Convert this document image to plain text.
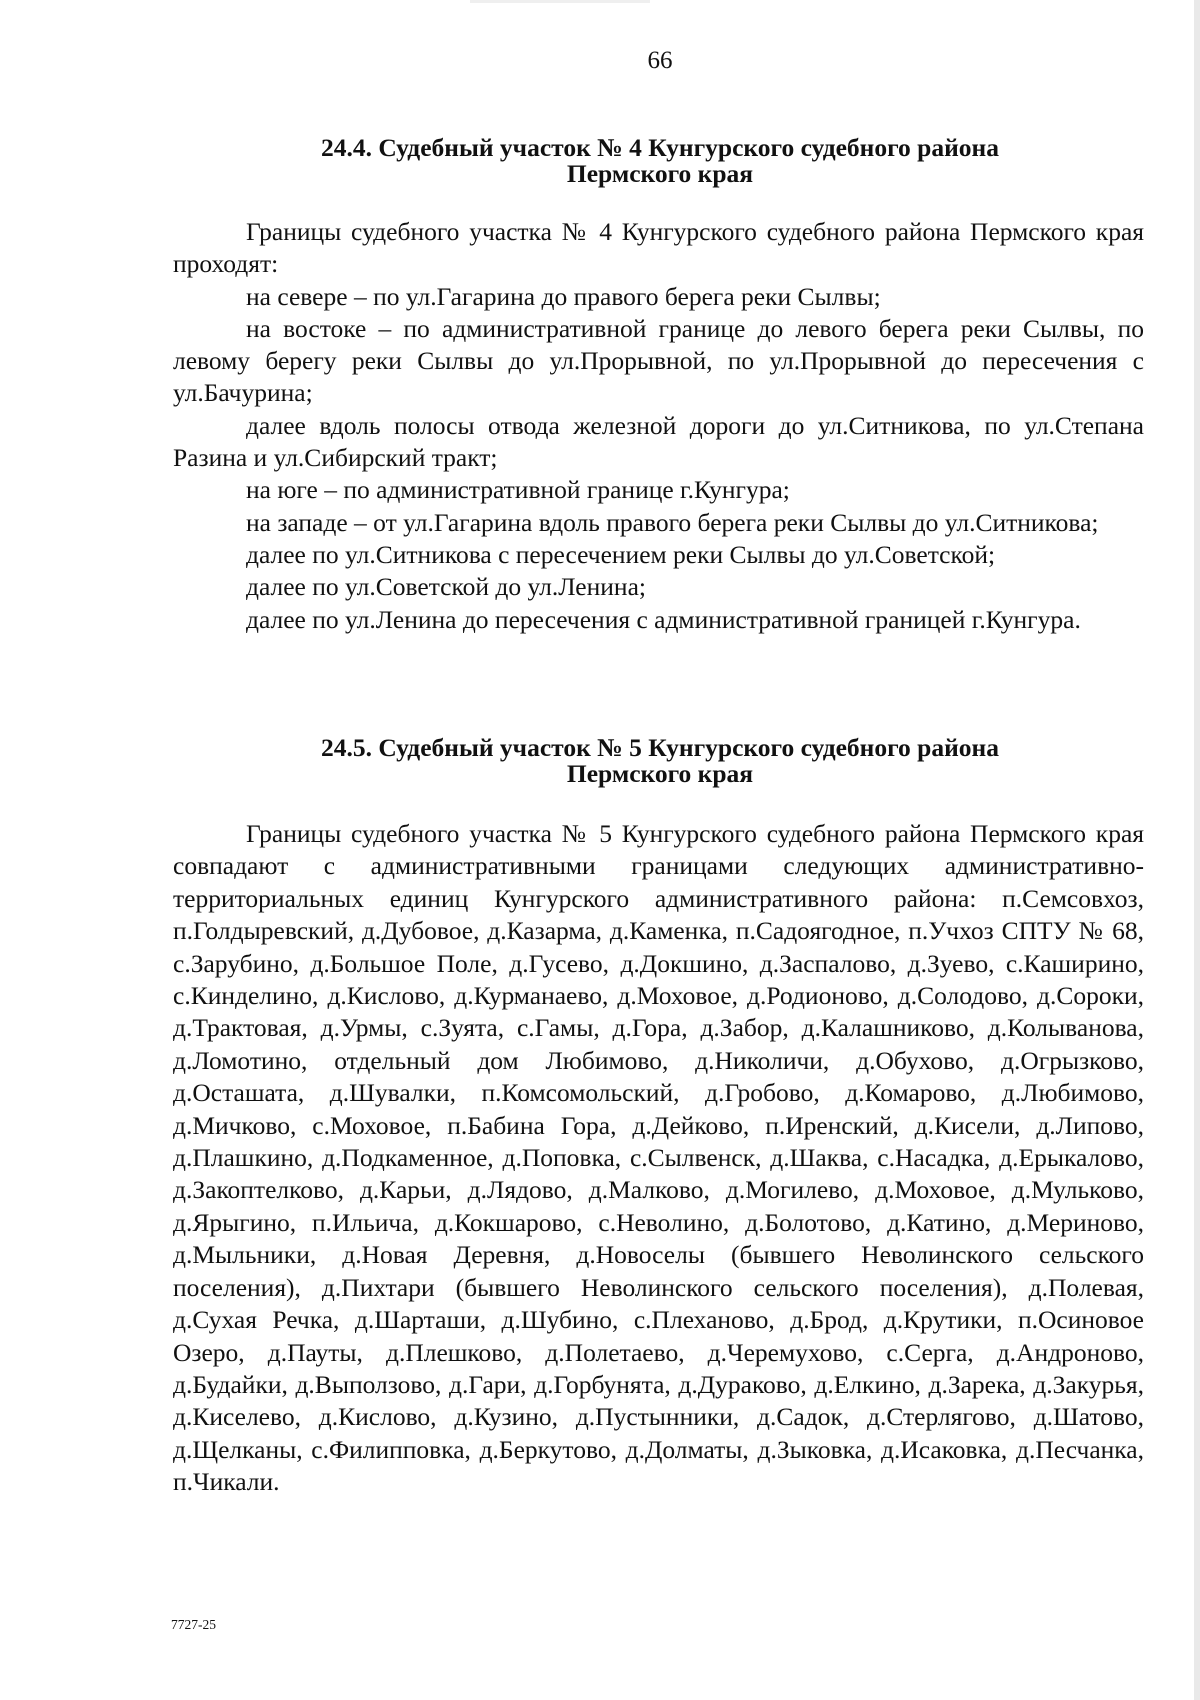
66
24.4. Судебный участок № 4 Кунгурского судебного района
Пермского края

Границы судебного участка № 4 Кунгурского судебного района Пермского края проходят:

на севере – по ул.Гагарина до правого берега реки Сылвы;

на востоке – по административной границе до левого берега реки Сылвы, по левому берегу реки Сылвы до ул.Прорывной, по ул.Прорывной до пересечения с ул.Бачурина;

далее вдоль полосы отвода железной дороги до ул.Ситникова, по ул.Степана Разина и ул.Сибирский тракт;

на юге – по административной границе г.Кунгура;

на западе – от ул.Гагарина вдоль правого берега реки Сылвы до ул.Ситникова;

далее по ул.Ситникова с пересечением реки Сылвы до ул.Советской;

далее по ул.Советской до ул.Ленина;

далее по ул.Ленина до пересечения с административной границей г.Кунгура.

24.5. Судебный участок № 5 Кунгурского судебного района
Пермского края

Границы судебного участка № 5 Кунгурского судебного района Пермского края совпадают с административными границами следующих административно-территориальных единиц Кунгурского административного района: п.Семсовхоз, п.Голдыревский, д.Дубовое, д.Казарма, д.Каменка, п.Садоягодное, п.Учхоз СПТУ № 68, с.Зарубино, д.Большое Поле, д.Гусево, д.Докшино, д.Заспалово, д.Зуево, с.Каширино, с.Кинделино, д.Кислово, д.Курманаево, д.Моховое, д.Родионово, д.Солодово, д.Сороки, д.Трактовая, д.Урмы, с.Зуята, с.Гамы, д.Гора, д.Забор, д.Калашниково, д.Колыванова, д.Ломотино, отдельный дом Любимово, д.Николичи, д.Обухово, д.Огрызково, д.Осташата, д.Шувалки, п.Комсомольский, д.Гробово, д.Комарово, д.Любимово, д.Мичково, с.Моховое, п.Бабина Гора, д.Дейково, п.Иренский, д.Кисели, д.Липово, д.Плашкино, д.Подкаменное, д.Поповка, с.Сылвенск, д.Шаква, с.Насадка, д.Ерыкалово, д.Закоптелково, д.Карьи, д.Лядово, д.Малково, д.Могилево, д.Моховое, д.Мульково, д.Ярыгино, п.Ильича, д.Кокшарово, с.Неволино, д.Болотово, д.Катино, д.Мериново, д.Мыльники, д.Новая Деревня, д.Новоселы (бывшего Неволинского сельского поселения), д.Пихтари (бывшего Неволинского сельского поселения), д.Полевая, д.Сухая Речка, д.Шарташи, д.Шубино, с.Плеханово, д.Брод, д.Крутики, п.Осиновое Озеро, д.Пауты, д.Плешково, д.Полетаево, д.Черемухово, с.Серга, д.Андроново, д.Будайки, д.Выползово, д.Гари, д.Горбунята, д.Дураково, д.Елкино, д.Зарека, д.Закурья, д.Киселево, д.Кислово, д.Кузино, д.Пустынники, д.Садок, д.Стерлягово, д.Шатово, д.Щелканы, с.Филипповка, д.Беркутово, д.Долматы, д.Зыковка, д.Исаковка, д.Песчанка, п.Чикали.

7727-25
